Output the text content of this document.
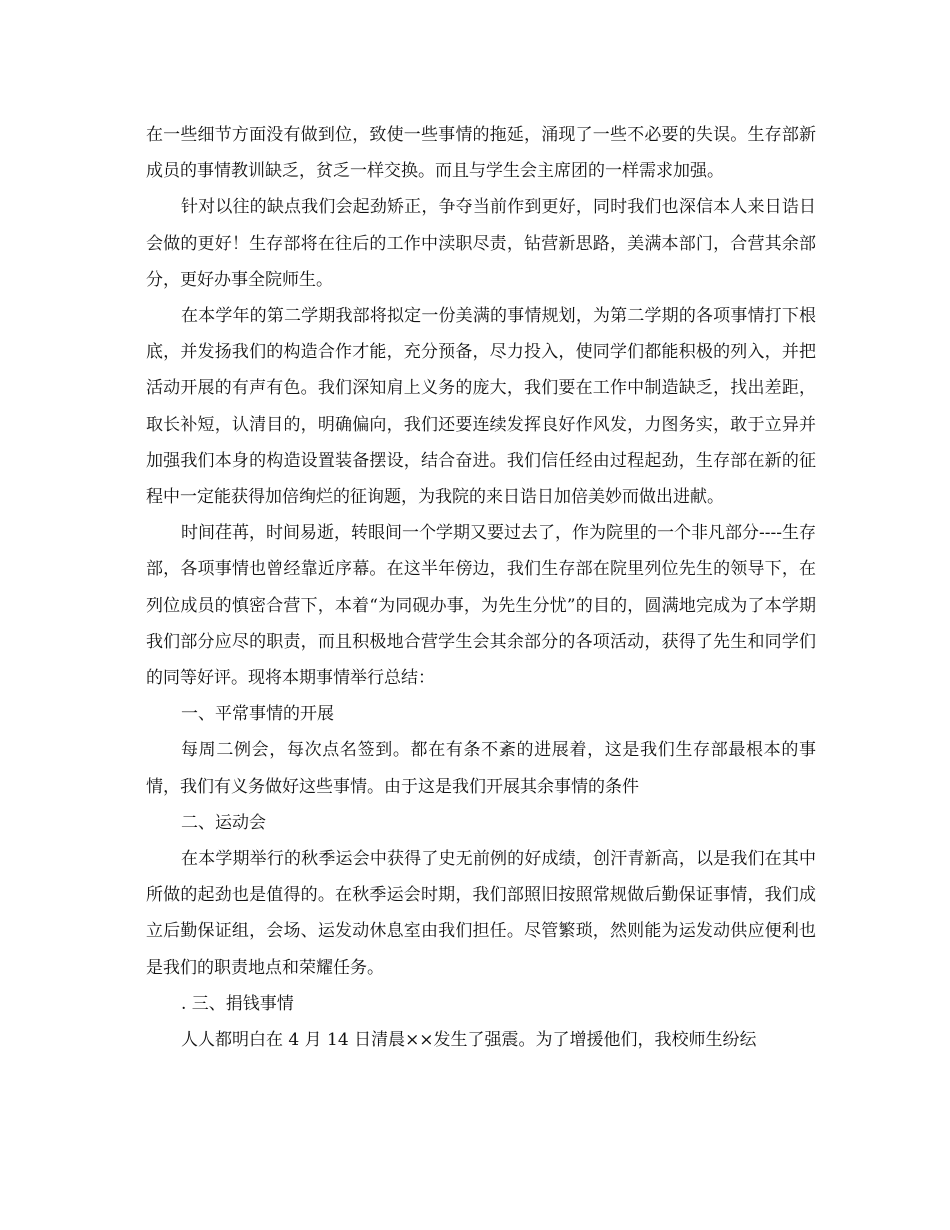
在一些细节方面没有做到位，致使一些事情的拖延，涌现了一些不必要的失误。生存部新成员的事情教训缺乏，贫乏一样交换。而且与学生会主席团的一样需求加强。

针对以往的缺点我们会起劲矫正，争夺当前作到更好，同时我们也深信本人来日诰日会做的更好！生存部将在往后的工作中渎职尽责，钻营新思路，美满本部门，合营其余部分，更好办事全院师生。

在本学年的第二学期我部将拟定一份美满的事情规划，为第二学期的各项事情打下根底，并发扬我们的构造合作才能，充分预备，尽力投入，使同学们都能积极的列入，并把活动开展的有声有色。我们深知肩上义务的庞大，我们要在工作中制造缺乏，找出差距，取长补短，认清目的，明确偏向，我们还要连续发挥良好作风发，力图务实，敢于立异并加强我们本身的构造设置装备摆设，结合奋进。我们信任经由过程起劲，生存部在新的征程中一定能获得加倍绚烂的征询题，为我院的来日诰日加倍美妙而做出进献。

时间荏苒，时间易逝，转眼间一个学期又要过去了，作为院里的一个非凡部分----生存部，各项事情也曾经靠近序幕。在这半年傍边，我们生存部在院里列位先生的领导下，在列位成员的慎密合营下，本着“为同砚办事，为先生分忧”的目的，圆满地完成为了本学期我们部分应尽的职责，而且积极地合营学生会其余部分的各项活动，获得了先生和同学们的同等好评。现将本期事情举行总结：

一、平常事情的开展

每周二例会，每次点名签到。都在有条不紊的进展着，这是我们生存部最根本的事情，我们有义务做好这些事情。由于这是我们开展其余事情的条件

二、运动会

在本学期举行的秋季运会中获得了史无前例的好成绩，创汗青新高，以是我们在其中所做的起劲也是值得的。在秋季运会时期，我们部照旧按照常规做后勤保证事情，我们成立后勤保证组，会场、运发动休息室由我们担任。尽管繁琐，然则能为运发动供应便利也是我们的职责地点和荣耀任务。

. 三、捐钱事情

人人都明白在 4 月 14 日清晨××发生了强震。为了增援他们，我校师生纷纭
